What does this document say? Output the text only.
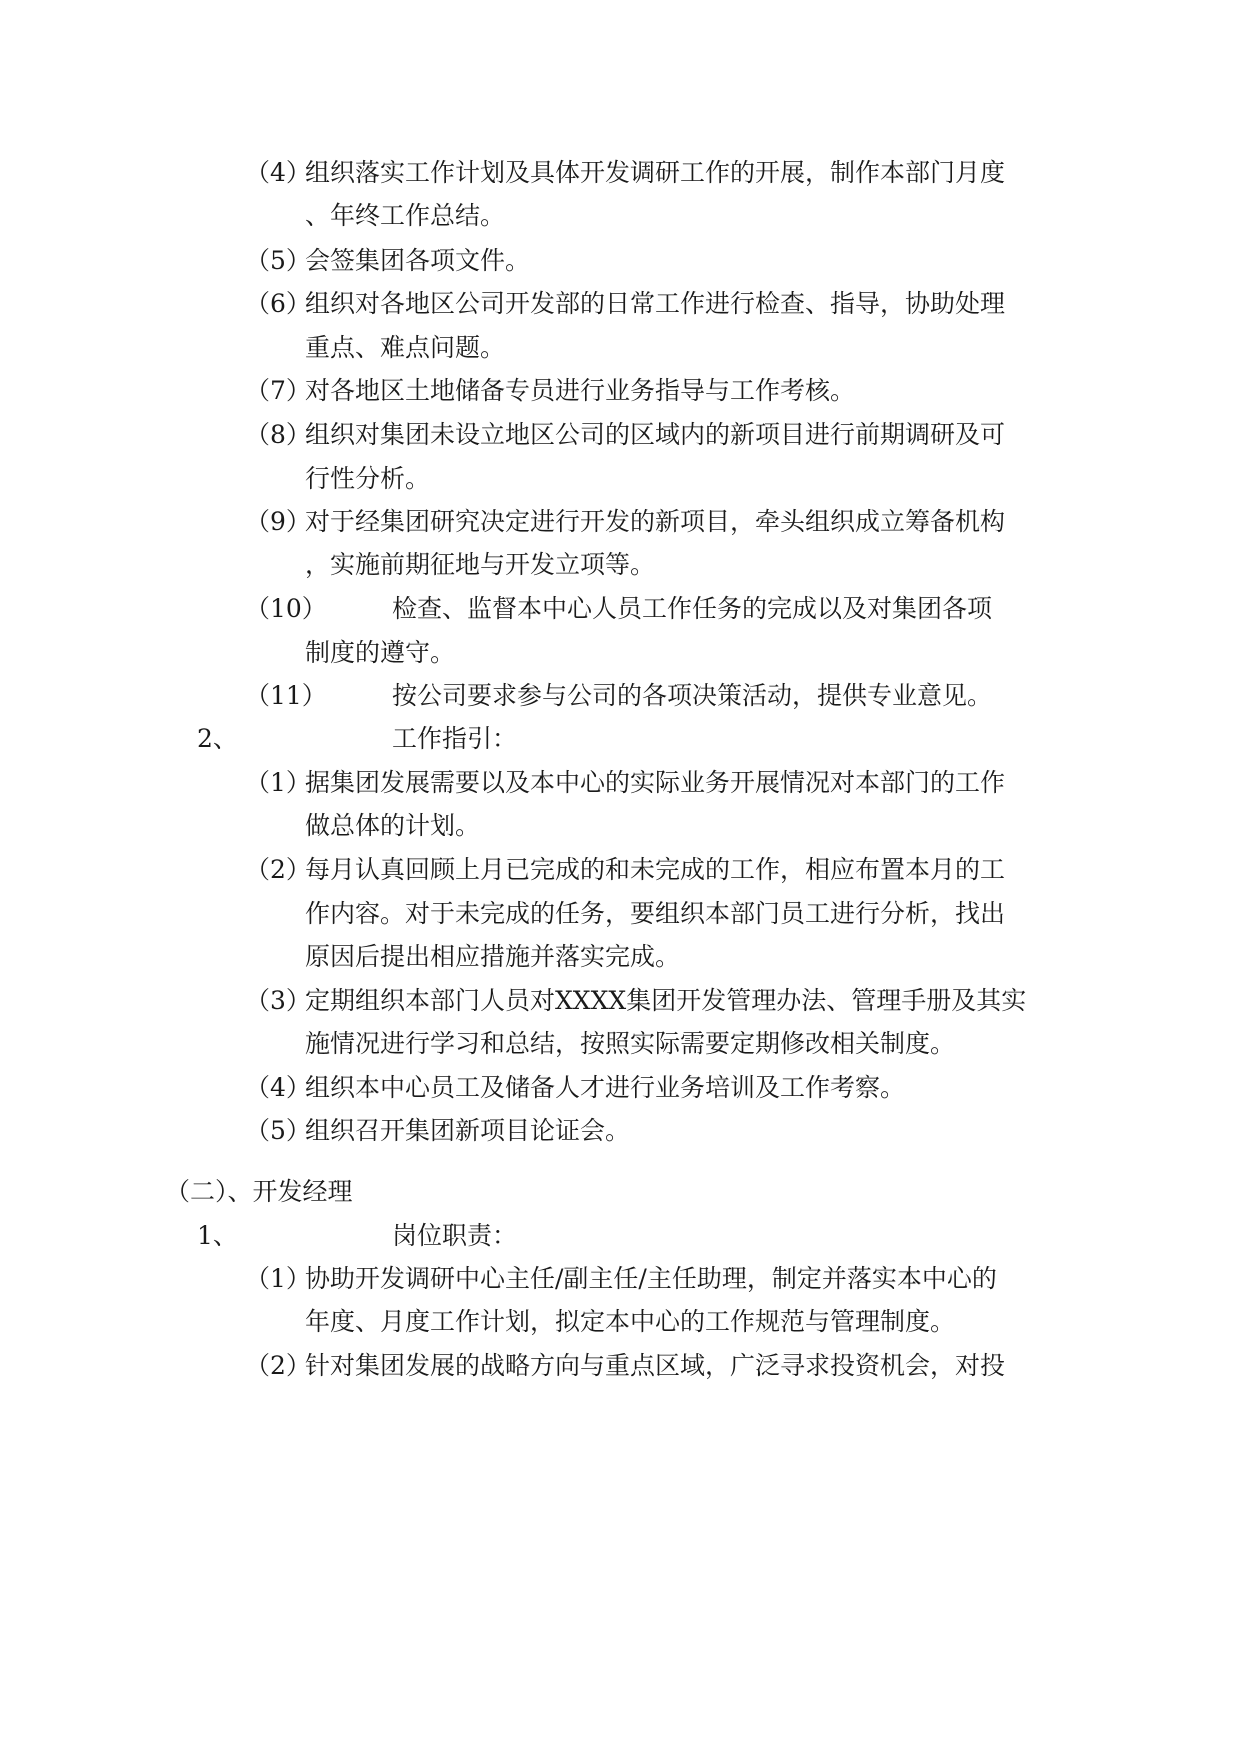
（4）
组织落实工作计划及具体开发调研工作的开展，制作本部门月度
、年终工作总结。
（5）
会签集团各项文件。
（6）
组织对各地区公司开发部的日常工作进行检查、指导，协助处理
重点、难点问题。
（7）
对各地区土地储备专员进行业务指导与工作考核。
（8）
组织对集团未设立地区公司的区域内的新项目进行前期调研及可
行性分析。
（9）
对于经集团研究决定进行开发的新项目，牵头组织成立筹备机构
，实施前期征地与开发立项等。
（10）	检查、监督本中心人员工作任务的完成以及对集团各项
制度的遵守。
（11）	按公司要求参与公司的各项决策活动，提供专业意见。
2、	工作指引：
（1）
据集团发展需要以及本中心的实际业务开展情况对本部门的工作
做总体的计划。
（2）
每月认真回顾上月已完成的和未完成的工作，相应布置本月的工
作内容。对于未完成的任务，要组织本部门员工进行分析，找出
原因后提出相应措施并落实完成。
（3）
定期组织本部门人员对XXXX集团开发管理办法、管理手册及其实
施情况进行学习和总结，按照实际需要定期修改相关制度。
（4）
组织本中心员工及储备人才进行业务培训及工作考察。
（5）
组织召开集团新项目论证会。
（二）、开发经理
1、	岗位职责：
（1）
协助开发调研中心主任/副主任/主任助理，制定并落实本中心的
年度、月度工作计划，拟定本中心的工作规范与管理制度。
（2）
针对集团发展的战略方向与重点区域，广泛寻求投资机会，对投
